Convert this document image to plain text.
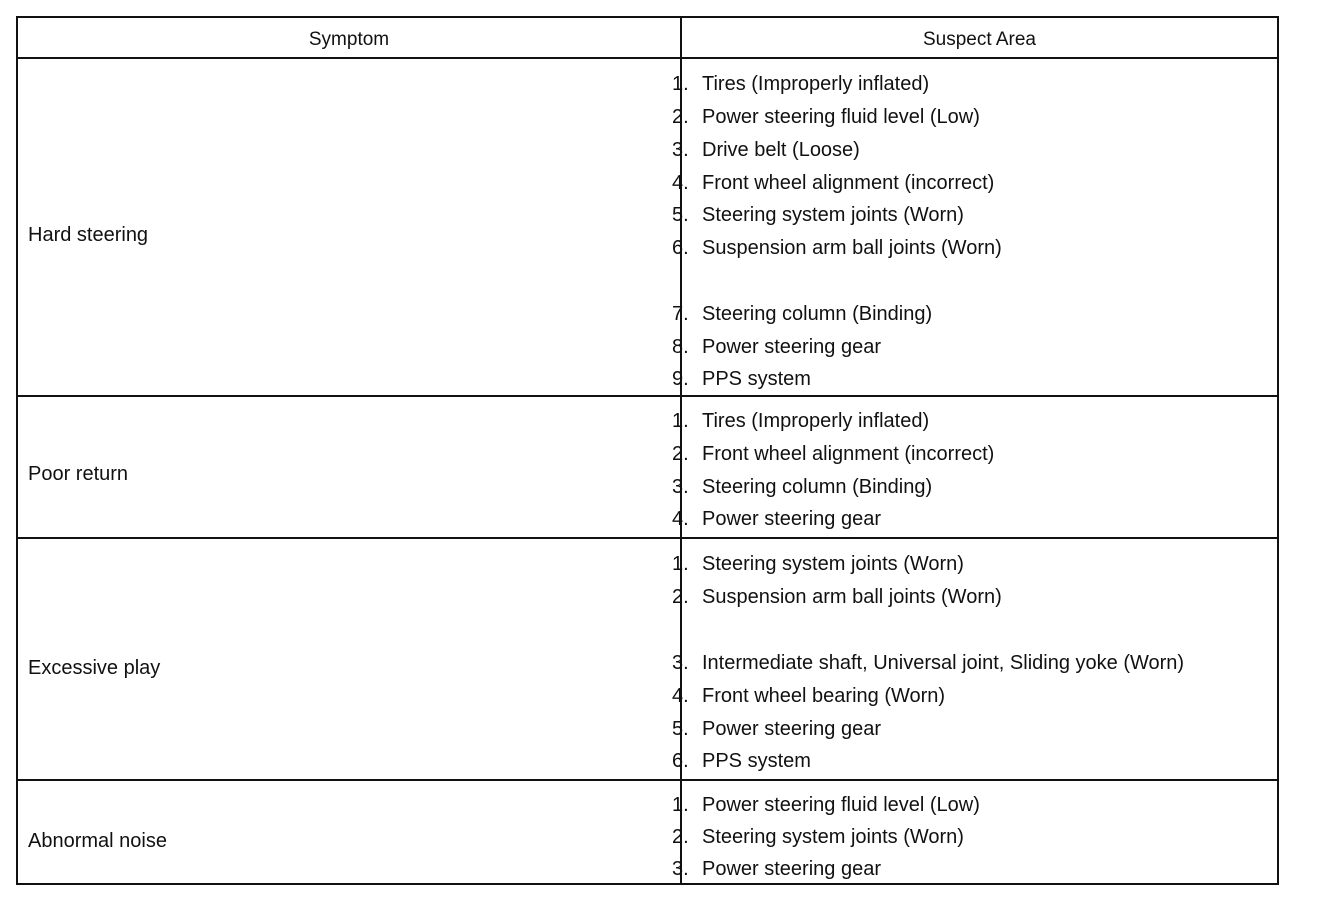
Symptom	Suspect Area
Hard steering
Poor return
Excessive play
Abnormal noise
1. Tires (Improperly inflated)
2. Power steering fluid level (Low)
3. Drive belt (Loose)
4. Front wheel alignment (incorrect)
5. Steering system joints (Worn)
6. Suspension arm ball joints (Worn)
7. Steering column (Binding)
8. Power steering gear
9. PPS system
1. Tires (Improperly inflated)
2. Front wheel alignment (incorrect)
3. Steering column (Binding)
4. Power steering gear
1. Steering system joints (Worn)
2. Suspension arm ball joints (Worn)
3. Intermediate shaft, Universal joint, Sliding yoke (Worn)
4. Front wheel bearing (Worn)
5. Power steering gear
6. PPS system
1. Power steering fluid level (Low)
2. Steering system joints (Worn)
3. Power steering gear
